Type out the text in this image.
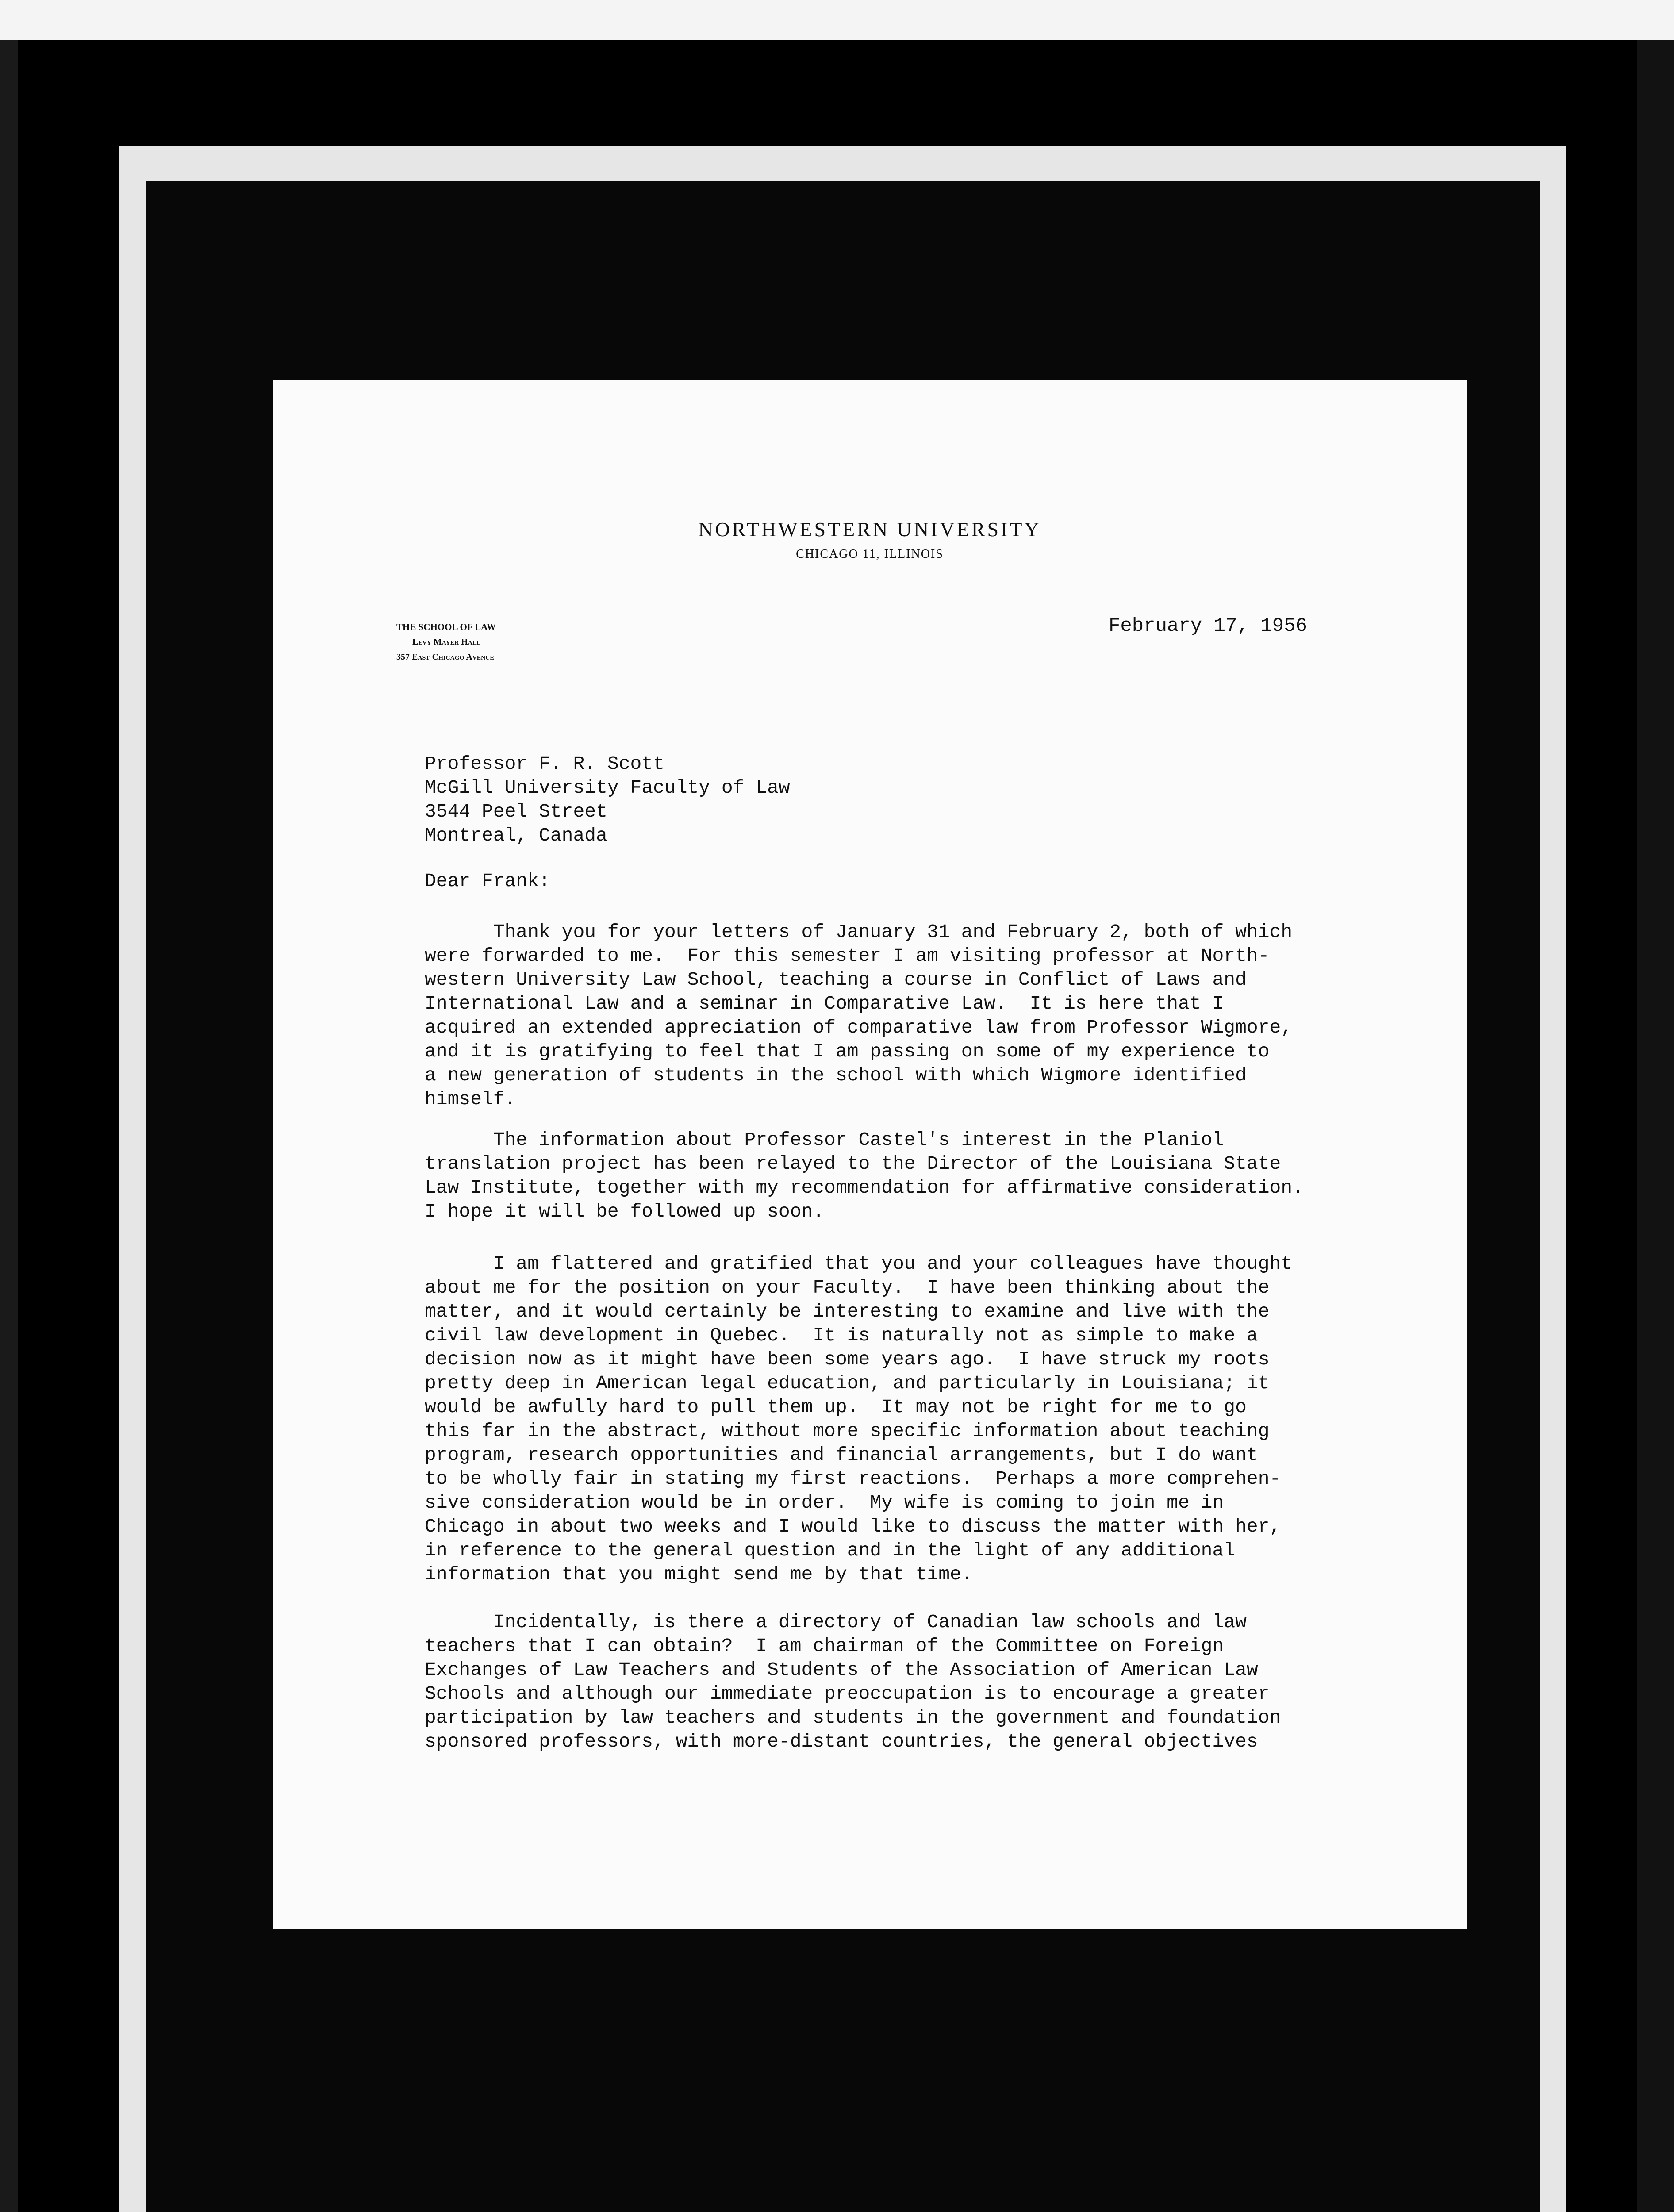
NORTHWESTERN UNIVERSITY
CHICAGO 11, ILLINOIS
THE SCHOOL OF LAW
Levy Mayer Hall
357 East Chicago Avenue
February 17, 1956
Professor F. R. Scott
McGill University Faculty of Law
3544 Peel Street
Montreal, Canada
Dear Frank:
Thank you for your letters of January 31 and February 2, both of which
were forwarded to me.  For this semester I am visiting professor at North-
western University Law School, teaching a course in Conflict of Laws and
International Law and a seminar in Comparative Law.  It is here that I
acquired an extended appreciation of comparative law from Professor Wigmore,
and it is gratifying to feel that I am passing on some of my experience to
a new generation of students in the school with which Wigmore identified
himself.
The information about Professor Castel's interest in the Planiol
translation project has been relayed to the Director of the Louisiana State
Law Institute, together with my recommendation for affirmative consideration.
I hope it will be followed up soon.
I am flattered and gratified that you and your colleagues have thought
about me for the position on your Faculty.  I have been thinking about the
matter, and it would certainly be interesting to examine and live with the
civil law development in Quebec.  It is naturally not as simple to make a
decision now as it might have been some years ago.  I have struck my roots
pretty deep in American legal education, and particularly in Louisiana; it
would be awfully hard to pull them up.  It may not be right for me to go
this far in the abstract, without more specific information about teaching
program, research opportunities and financial arrangements, but I do want
to be wholly fair in stating my first reactions.  Perhaps a more comprehen-
sive consideration would be in order.  My wife is coming to join me in
Chicago in about two weeks and I would like to discuss the matter with her,
in reference to the general question and in the light of any additional
information that you might send me by that time.
Incidentally, is there a directory of Canadian law schools and law
teachers that I can obtain?  I am chairman of the Committee on Foreign
Exchanges of Law Teachers and Students of the Association of American Law
Schools and although our immediate preoccupation is to encourage a greater
participation by law teachers and students in the government and foundation
sponsored professors, with more-distant countries, the general objectives
